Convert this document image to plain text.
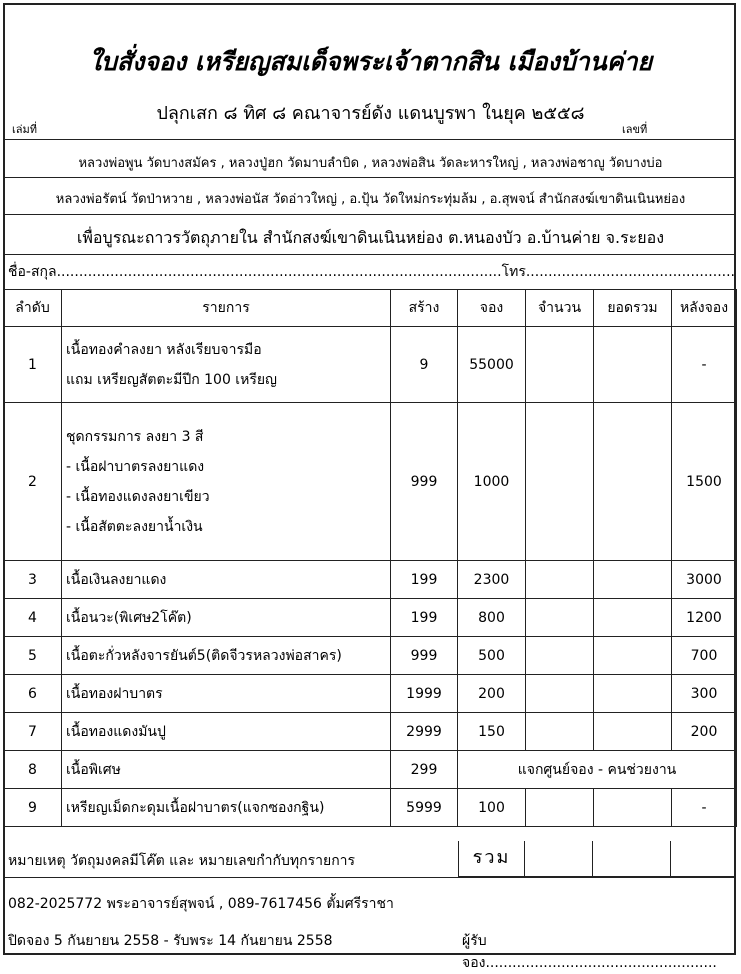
ใบสั่งจอง เหรียญสมเด็จพระเจ้าตากสิน เมืองบ้านค่าย
เล่มที่
ปลุกเสก ๘ ทิศ ๘ คณาจารย์ดัง แดนบูรพา ในยุค ๒๕๕๘
เลขที่
หลวงพ่อพูน วัดบางสมัคร , หลวงปู่ฮก วัดมาบลำบิด , หลวงพ่อสิน วัดละหารใหญ่ , หลวงพ่อชาญู วัดบางบ่อ
หลวงพ่อรัตน์ วัดป่าหวาย , หลวงพ่อนัส วัดอ่าวใหญ่ , อ.ปุ้น วัดใหม่กระทุ่มล้ม , อ.สุพจน์ สำนักสงฆ์เขาดินเนินหย่อง
เพื่อบูรณะถาวรวัตถุภายใน สำนักสงฆ์เขาดินเนินหย่อง ต.หนองบัว อ.บ้านค่าย จ.ระยอง
ชื่อ-สกุล....................................................................................................โทร...............................................
ลำดับ	รายการ	สร้าง	จอง	จำนวน	ยอดรวม	หลังจอง
1	เนื้อทองคำลงยา หลังเรียบจารมือ
แถม เหรียญสัตตะมีปีก 100 เหรียญ	9	55000			-
2	ชุดกรรมการ ลงยา 3 สี
- เนื้อฝาบาตรลงยาแดง
- เนื้อทองแดงลงยาเขียว
- เนื้อสัตตะลงยาน้ำเงิน	999	1000			1500
3	เนื้อเงินลงยาแดง	199	2300			3000
4	เนื้อนวะ(พิเศษ2โค๊ต)	199	800			1200
5	เนื้อตะกั่วหลังจารยันต์5(ติดจีวรหลวงพ่อสาคร)	999	500			700
6	เนื้อทองฝาบาตร	1999	200			300
7	เนื้อทองแดงมันปู	2999	150			200
8	เนื้อพิเศษ	299	แจกศูนย์จอง - คนช่วยงาน			
9	เหรียญเม็ดกะดุมเนื้อฝาบาตร(แจกซองกฐิน)	5999	100			-
หมายเหตุ วัตถุมงคลมีโค๊ต และ หมายเลขกำกับทุกรายการ	รวม
082-2025772 พระอาจารย์สุพจน์ , 089-7617456 ตั้มศรีราชา
ปิดจอง 5 กันยายน 2558 - รับพระ 14 กันยายน 2558	ผู้รับจอง....................................................
